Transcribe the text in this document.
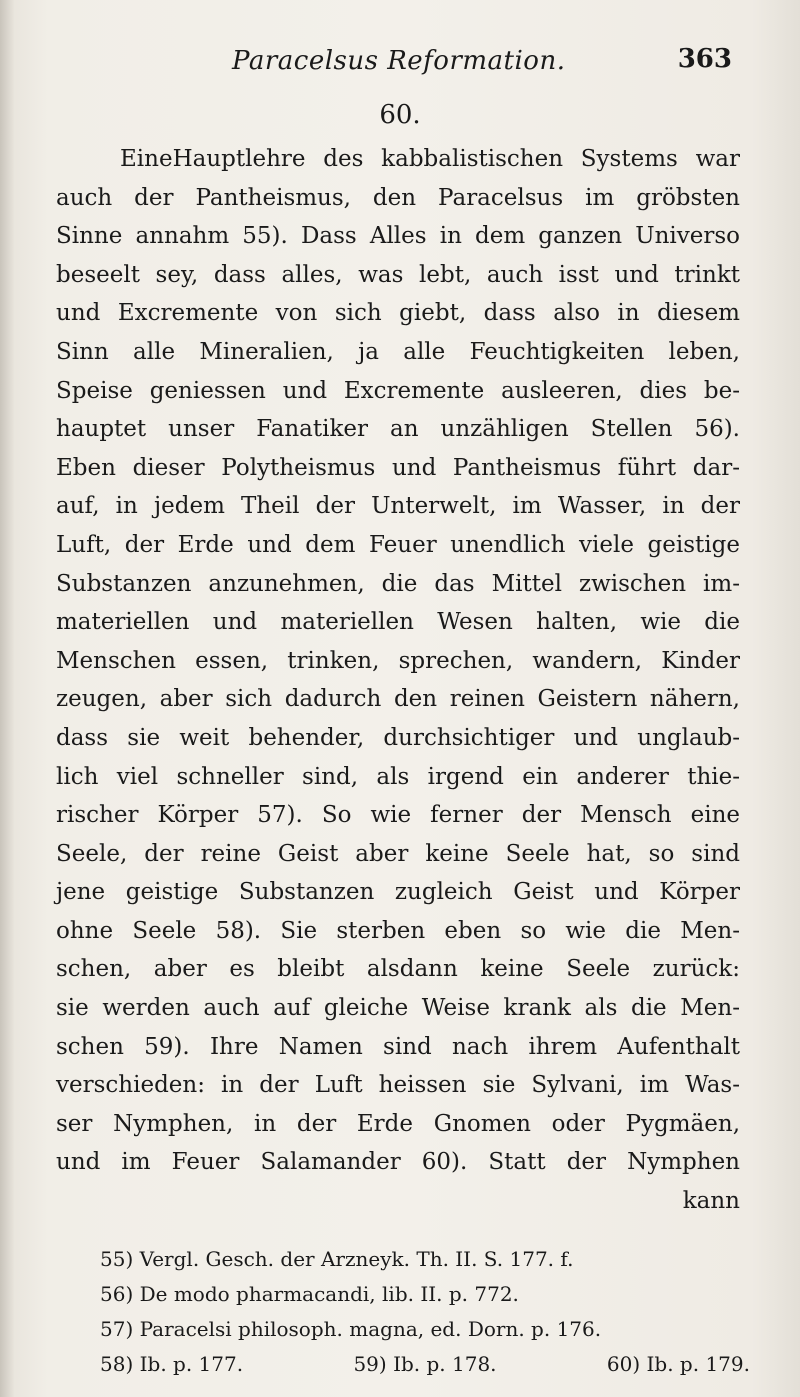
Paracelsus Reformation.	363
60.
EineHauptlehre des kabbalistischen Systems war
auch der Pantheismus, den Paracelsus im gröbsten
Sinne annahm 55). Dass Alles in dem ganzen Universo
beseelt sey, dass alles, was lebt, auch isst und trinkt
und Excremente von sich giebt, dass also in diesem
Sinn alle Mineralien, ja alle Feuchtigkeiten leben,
Speise geniessen und Excremente ausleeren, dies be-
hauptet unser Fanatiker an unzähligen Stellen 56).
Eben dieser Polytheismus und Pantheismus führt dar-
auf, in jedem Theil der Unterwelt, im Wasser, in der
Luft, der Erde und dem Feuer unendlich viele geistige
Substanzen anzunehmen, die das Mittel zwischen im-
materiellen und materiellen Wesen halten, wie die
Menschen essen, trinken, sprechen, wandern, Kinder
zeugen, aber sich dadurch den reinen Geistern nähern,
dass sie weit behender, durchsichtiger und unglaub-
lich viel schneller sind, als irgend ein anderer thie-
rischer Körper 57). So wie ferner der Mensch eine
Seele, der reine Geist aber keine Seele hat, so sind
jene geistige Substanzen zugleich Geist und Körper
ohne Seele 58). Sie sterben eben so wie die Men-
schen, aber es bleibt alsdann keine Seele zurück:
sie werden auch auf gleiche Weise krank als die Men-
schen 59). Ihre Namen sind nach ihrem Aufenthalt
verschieden: in der Luft heissen sie Sylvani, im Was-
ser Nymphen, in der Erde Gnomen oder Pygmäen,
und im Feuer Salamander 60). Statt der Nymphen
kann
55) Vergl. Gesch. der Arzneyk. Th. II. S. 177. f.
56) De modo pharmacandi, lib. II. p. 772.
57) Paracelsi philosoph. magna, ed. Dorn. p. 176.
58) Ib. p. 177.	59) Ib. p. 178.	60) Ib. p. 179.
